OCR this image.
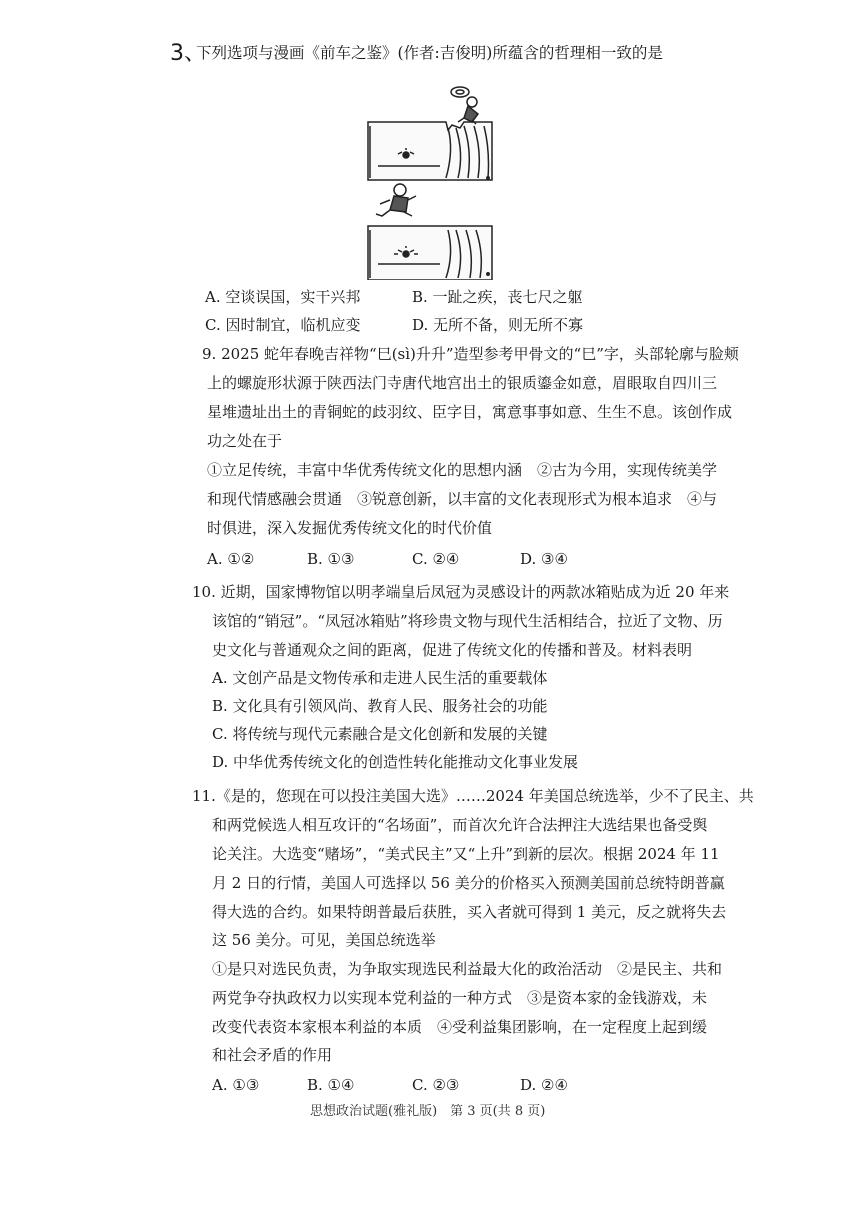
3、
下列选项与漫画《前车之鉴》(作者:吉俊明)所蕴含的哲理相一致的是
A. 空谈误国，实干兴邦	B. 一趾之疾，丧七尺之躯
C. 因时制宜，临机应变	D. 无所不备，则无所不寡
9. 2025 蛇年春晚吉祥物“巳(sì)升升”造型参考甲骨文的“巳”字，头部轮廓与脸颊
上的螺旋形状源于陕西法门寺唐代地宫出土的银质鎏金如意，眉眼取自四川三
星堆遗址出土的青铜蛇的歧羽纹、臣字目，寓意事事如意、生生不息。该创作成
功之处在于
①立足传统，丰富中华优秀传统文化的思想内涵　②古为今用，实现传统美学
和现代情感融会贯通　③锐意创新，以丰富的文化表现形式为根本追求　④与
时俱进，深入发掘优秀传统文化的时代价值
A. ①②	B. ①③	C. ②④	D. ③④
10. 近期，国家博物馆以明孝端皇后凤冠为灵感设计的两款冰箱贴成为近 20 年来
该馆的“销冠”。“凤冠冰箱贴”将珍贵文物与现代生活相结合，拉近了文物、历
史文化与普通观众之间的距离，促进了传统文化的传播和普及。材料表明
A. 文创产品是文物传承和走进人民生活的重要载体
B. 文化具有引领风尚、教育人民、服务社会的功能
C. 将传统与现代元素融合是文化创新和发展的关键
D. 中华优秀传统文化的创造性转化能推动文化事业发展
11.《是的，您现在可以投注美国大选》……2024 年美国总统选举，少不了民主、共
和两党候选人相互攻讦的“名场面”，而首次允许合法押注大选结果也备受舆
论关注。大选变“赌场”，“美式民主”又“上升”到新的层次。根据 2024 年 11
月 2 日的行情，美国人可选择以 56 美分的价格买入预测美国前总统特朗普赢
得大选的合约。如果特朗普最后获胜，买入者就可得到 1 美元，反之就将失去
这 56 美分。可见，美国总统选举
①是只对选民负责，为争取实现选民利益最大化的政治活动　②是民主、共和
两党争夺执政权力以实现本党利益的一种方式　③是资本家的金钱游戏，未
改变代表资本家根本利益的本质　④受利益集团影响，在一定程度上起到缓
和社会矛盾的作用
A. ①③	B. ①④	C. ②③	D. ②④
思想政治试题(雅礼版)　第 3 页(共 8 页)
